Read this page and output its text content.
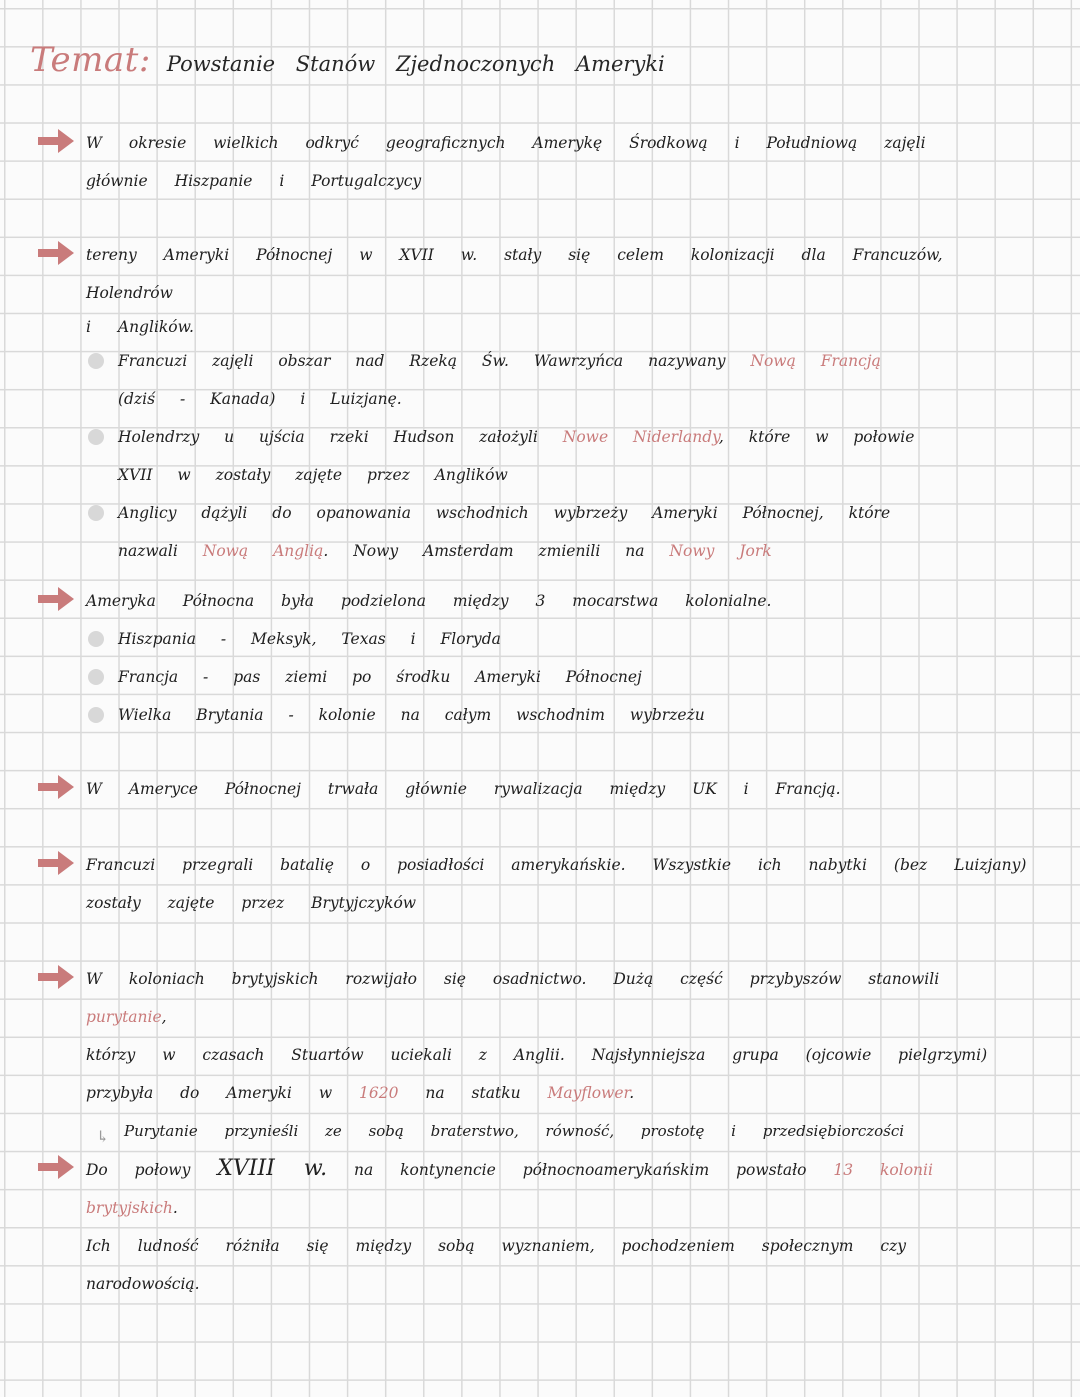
Temat: Powstanie Stanów Zjednoczonych Ameryki
W okresie wielkich odkryć geograficznych Amerykę Środkową i Południową zajęli
głównie Hiszpanie i Portugalczycy
tereny Ameryki Północnej w XVII w. stały się celem kolonizacji dla Francuzów, Holendrów
i Anglików.
Francuzi zajęli obszar nad Rzeką Św. Wawrzyńca nazywany Nową Francją
(dziś - Kanada) i Luizjanę.
Holendrzy u ujścia rzeki Hudson założyli Nowe Niderlandy, które w połowie
XVII w zostały zajęte przez Anglików
Anglicy dążyli do opanowania wschodnich wybrzeży Ameryki Północnej, które
nazwali Nową Anglią. Nowy Amsterdam zmienili na Nowy Jork
Ameryka Północna była podzielona między 3 mocarstwa kolonialne.
Hiszpania - Meksyk, Texas i Floryda
Francja - pas ziemi po środku Ameryki Północnej
Wielka Brytania - kolonie na całym wschodnim wybrzeżu
W Ameryce Północnej trwała głównie rywalizacja między UK i Francją.
Francuzi przegrali batalię o posiadłości amerykańskie. Wszystkie ich nabytki (bez Luizjany)
zostały zajęte przez Brytyjczyków
W koloniach brytyjskich rozwijało się osadnictwo. Dużą część przybyszów stanowili purytanie,
którzy w czasach Stuartów uciekali z Anglii. Najsłynniejsza grupa (ojcowie pielgrzymi)
przybyła do Ameryki w 1620 na statku Mayflower.
↳ Purytanie przynieśli ze sobą braterstwo, równość, prostotę i przedsiębiorczości
Do połowy XVIII w. na kontynencie północnoamerykańskim powstało 13 kolonii brytyjskich.
Ich ludność różniła się między sobą wyznaniem, pochodzeniem społecznym czy
narodowością.
